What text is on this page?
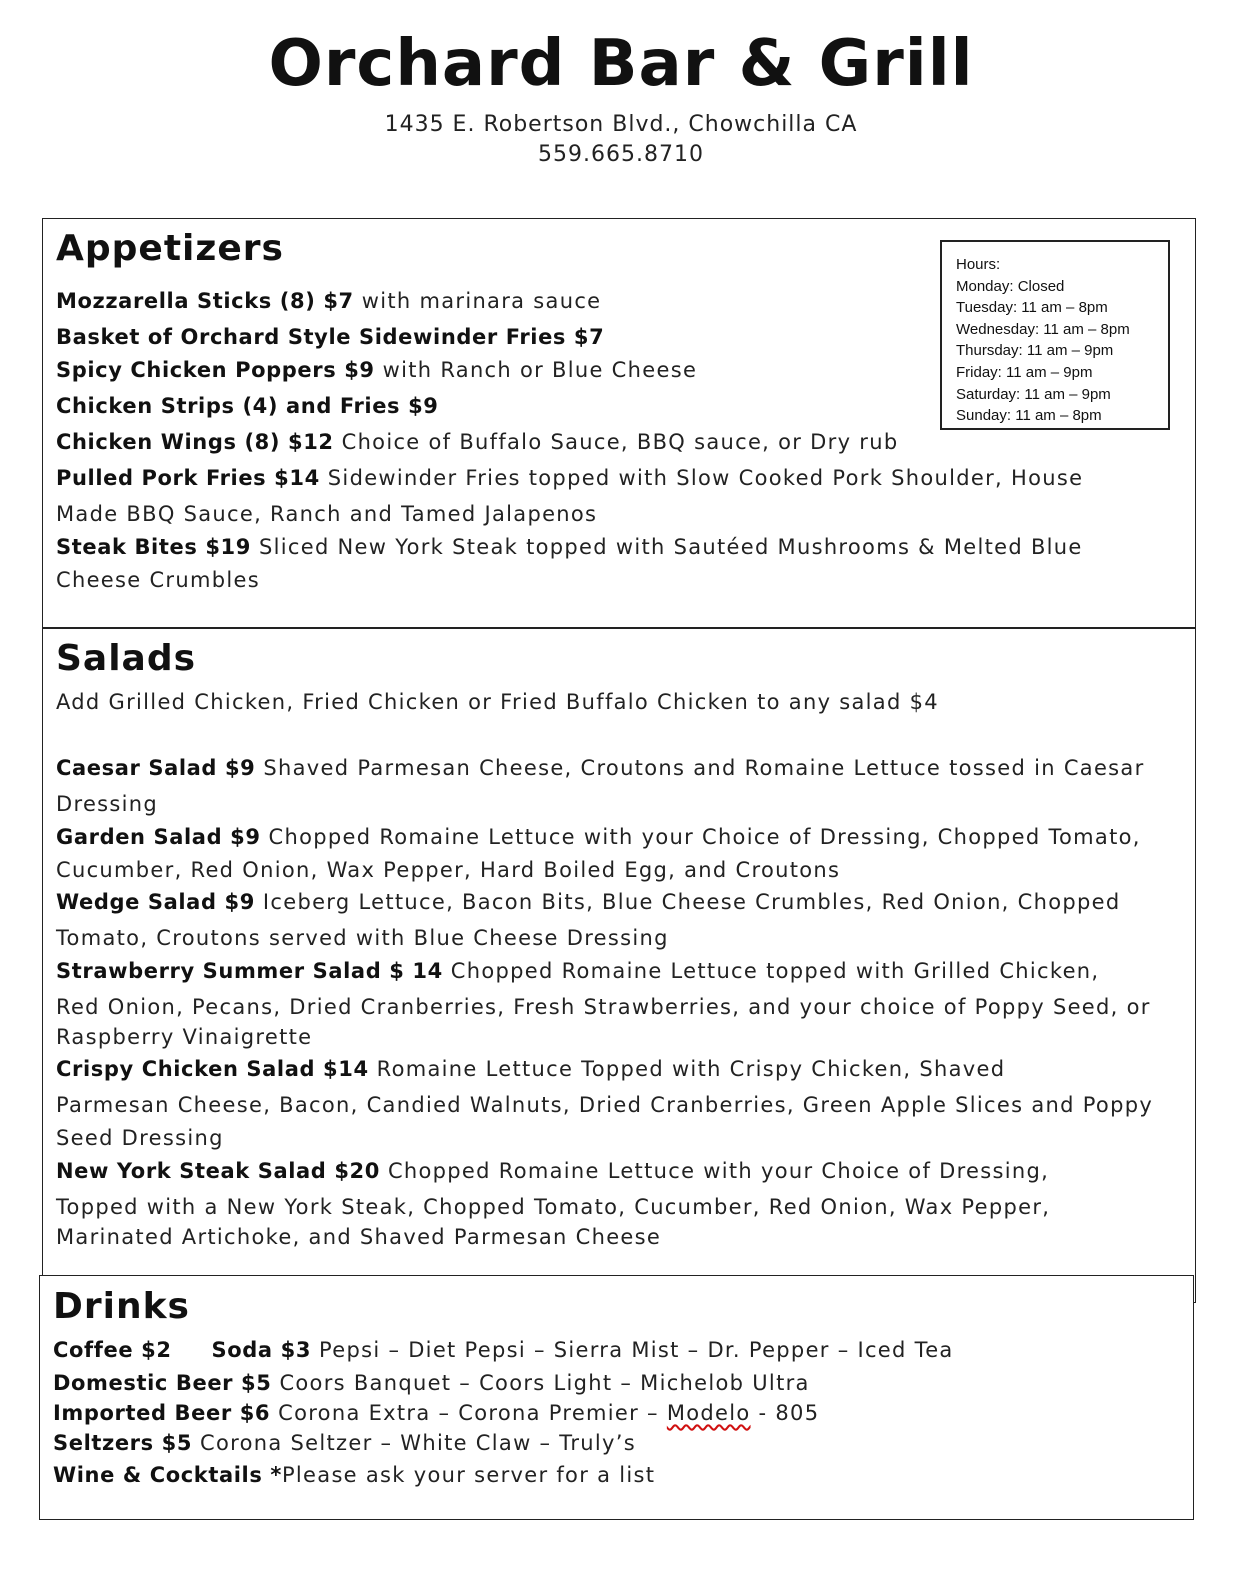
Orchard Bar & Grill
1435 E. Robertson Blvd., Chowchilla CA
559.665.8710
Appetizers
Mozzarella Sticks (8) $7 with marinara sauce
Basket of Orchard Style Sidewinder Fries $7
Spicy Chicken Poppers $9 with Ranch or Blue Cheese
Chicken Strips (4) and Fries $9
Chicken Wings (8) $12 Choice of Buffalo Sauce, BBQ sauce, or Dry rub
Pulled Pork Fries $14 Sidewinder Fries topped with Slow Cooked Pork Shoulder, House
Made BBQ Sauce, Ranch and Tamed Jalapenos
Steak Bites $19 Sliced New York Steak topped with Sautéed Mushrooms & Melted Blue
Cheese Crumbles
Hours:
Monday: Closed
Tuesday: 11 am – 8pm
Wednesday: 11 am – 8pm
Thursday: 11 am – 9pm
Friday: 11 am – 9pm
Saturday: 11 am – 9pm
Sunday: 11 am – 8pm
Salads
Add Grilled Chicken, Fried Chicken or Fried Buffalo Chicken to any salad $4
Caesar Salad $9 Shaved Parmesan Cheese, Croutons and Romaine Lettuce tossed in Caesar
Dressing
Garden Salad $9 Chopped Romaine Lettuce with your Choice of Dressing, Chopped Tomato,
Cucumber, Red Onion, Wax Pepper, Hard Boiled Egg, and Croutons
Wedge Salad $9 Iceberg Lettuce, Bacon Bits, Blue Cheese Crumbles, Red Onion, Chopped
Tomato, Croutons served with Blue Cheese Dressing
Strawberry Summer Salad $ 14 Chopped Romaine Lettuce topped with Grilled Chicken,
Red Onion, Pecans, Dried Cranberries, Fresh Strawberries, and your choice of Poppy Seed, or
Raspberry Vinaigrette
Crispy Chicken Salad $14 Romaine Lettuce Topped with Crispy Chicken, Shaved
Parmesan Cheese, Bacon, Candied Walnuts, Dried Cranberries, Green Apple Slices and Poppy
Seed Dressing
New York Steak Salad $20 Chopped Romaine Lettuce with your Choice of Dressing,
Topped with a New York Steak, Chopped Tomato, Cucumber, Red Onion, Wax Pepper,
Marinated Artichoke, and Shaved Parmesan Cheese
Drinks
Coffee $2 Soda $3 Pepsi – Diet Pepsi – Sierra Mist – Dr. Pepper – Iced Tea
Domestic Beer $5 Coors Banquet – Coors Light – Michelob Ultra
Imported Beer $6 Corona Extra – Corona Premier – Modelo - 805
Seltzers $5 Corona Seltzer – White Claw – Truly’s
Wine & Cocktails *Please ask your server for a list
